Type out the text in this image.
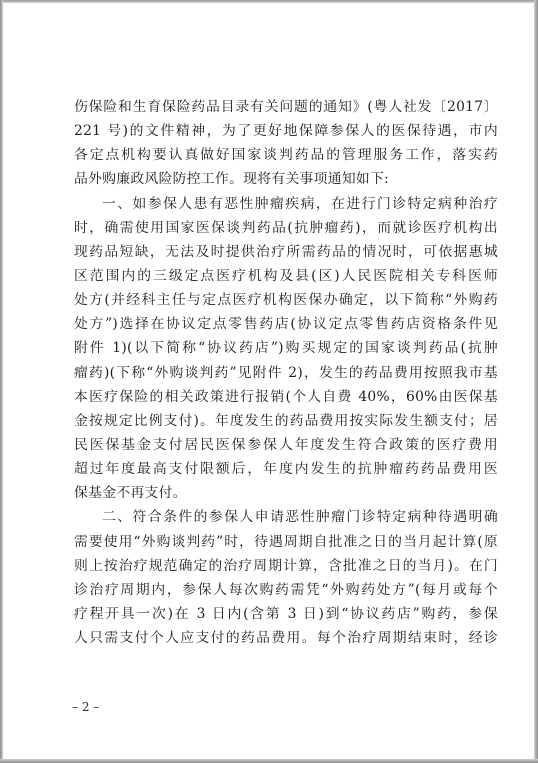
伤保险和生育保险药品目录有关问题的通知》(粤人社发〔2017〕
221 号)的文件精神，为了更好地保障参保人的医保待遇，市内
各定点机构要认真做好国家谈判药品的管理服务工作，落实药
品外购廉政风险防控工作。现将有关事项通知如下:
一、如参保人患有恶性肿瘤疾病，在进行门诊特定病种治疗
时，确需使用国家医保谈判药品(抗肿瘤药)，而就诊医疗机构出
现药品短缺，无法及时提供治疗所需药品的情况时，可依据惠城
区范围内的三级定点医疗机构及县(区)人民医院相关专科医师
处方(并经科主任与定点医疗机构医保办确定，以下简称“外购药
处方”)选择在协议定点零售药店(协议定点零售药店资格条件见
附件 1)(以下简称“协议药店”)购买规定的国家谈判药品(抗肿
瘤药)(下称“外购谈判药”见附件 2)，发生的药品费用按照我市基
本医疗保险的相关政策进行报销(个人自费 40%，60%由医保基
金按规定比例支付)。年度发生的药品费用按实际发生额支付；居
民医保基金支付居民医保参保人年度发生符合政策的医疗费用
超过年度最高支付限额后，年度内发生的抗肿瘤药药品费用医
保基金不再支付。
二、符合条件的参保人申请恶性肿瘤门诊特定病种待遇明确
需要使用“外购谈判药”时，待遇周期自批准之日的当月起计算(原
则上按治疗规范确定的治疗周期计算，含批准之日的当月)。在门
诊治疗周期内，参保人每次购药需凭“外购药处方”(每月或每个
疗程开具一次)在 3 日内(含第 3 日)到“协议药店”购药，参保
人只需支付个人应支付的药品费用。每个治疗周期结束时，经诊
– 2 –
